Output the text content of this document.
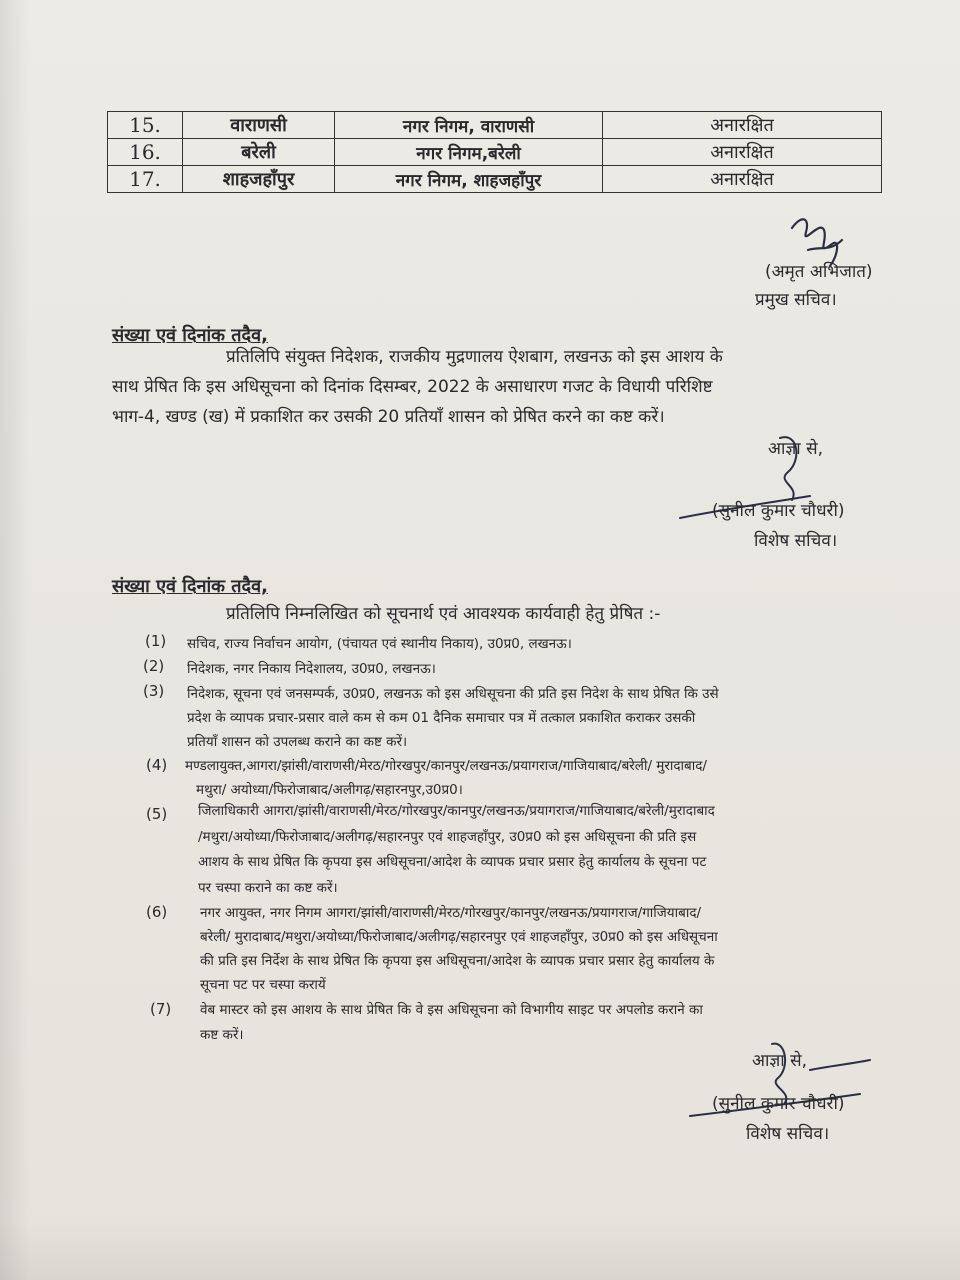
15.	वाराणसी	नगर निगम, वाराणसी	अनारक्षित
16.	बरेली	नगर निगम,बरेली	अनारक्षित
17.	शाहजहाँपुर	नगर निगम, शाहजहाँपुर	अनारक्षित
(अमृत अभिजात)
प्रमुख सचिव।
संख्या एवं दिनांक तदैव,
प्रतिलिपि संयुक्त निदेशक, राजकीय मुद्रणालय ऐशबाग, लखनऊ को इस आशय के
साथ प्रेषित कि इस अधिसूचना को दिनांक दिसम्बर, 2022 के असाधारण गजट के विधायी परिशिष्ट
भाग-4, खण्ड (ख) में प्रकाशित कर उसकी 20 प्रतियाँ शासन को प्रेषित करने का कष्ट करें।
आज्ञा से,
(सुनील कुमार चौधरी)
विशेष सचिव।
संख्या एवं दिनांक तदैव,
प्रतिलिपि निम्नलिखित को सूचनार्थ एवं आवश्यक कार्यवाही हेतु प्रेषित :-
(1) सचिव, राज्य निर्वाचन आयोग, (पंचायत एवं स्थानीय निकाय), उ0प्र0, लखनऊ।
(2) निदेशक, नगर निकाय निदेशालय, उ0प्र0, लखनऊ।
(3) निदेशक, सूचना एवं जनसम्पर्क, उ0प्र0, लखनऊ को इस अधिसूचना की प्रति इस निदेश के साथ प्रेषित कि उसे
प्रदेश के व्यापक प्रचार-प्रसार वाले कम से कम 01 दैनिक समाचार पत्र में तत्काल प्रकाशित कराकर उसकी
प्रतियाँ शासन को उपलब्ध कराने का कष्ट करें।
(4) मण्डलायुक्त,आगरा/झांसी/वाराणसी/मेरठ/गोरखपुर/कानपुर/लखनऊ/प्रयागराज/गाजियाबाद/बरेली/ मुरादाबाद/
मथुरा/ अयोध्या/फिरोजाबाद/अलीगढ़/सहारनपुर,उ0प्र0।
(5) जिलाधिकारी आगरा/झांसी/वाराणसी/मेरठ/गोरखपुर/कानपुर/लखनऊ/प्रयागराज/गाजियाबाद/बरेली/मुरादाबाद
/मथुरा/अयोध्या/फिरोजाबाद/अलीगढ़/सहारनपुर एवं शाहजहाँपुर, उ0प्र0 को इस अधिसूचना की प्रति इस
आशय के साथ प्रेषित कि कृपया इस अधिसूचना/आदेश के व्यापक प्रचार प्रसार हेतु कार्यालय के सूचना पट
पर चस्पा कराने का कष्ट करें।
(6) नगर आयुक्त, नगर निगम आगरा/झांसी/वाराणसी/मेरठ/गोरखपुर/कानपुर/लखनऊ/प्रयागराज/गाजियाबाद/
बरेली/ मुरादाबाद/मथुरा/अयोध्या/फिरोजाबाद/अलीगढ़/सहारनपुर एवं शाहजहाँपुर, उ0प्र0 को इस अधिसूचना
की प्रति इस निर्देश के साथ प्रेषित कि कृपया इस अधिसूचना/आदेश के व्यापक प्रचार प्रसार हेतु कार्यालय के
सूचना पट पर चस्पा करायें
(7) वेब मास्टर को इस आशय के साथ प्रेषित कि वे इस अधिसूचना को विभागीय साइट पर अपलोड कराने का
कष्ट करें।
आज्ञा से,
(सुनील कुमार चौधरी)
विशेष सचिव।
